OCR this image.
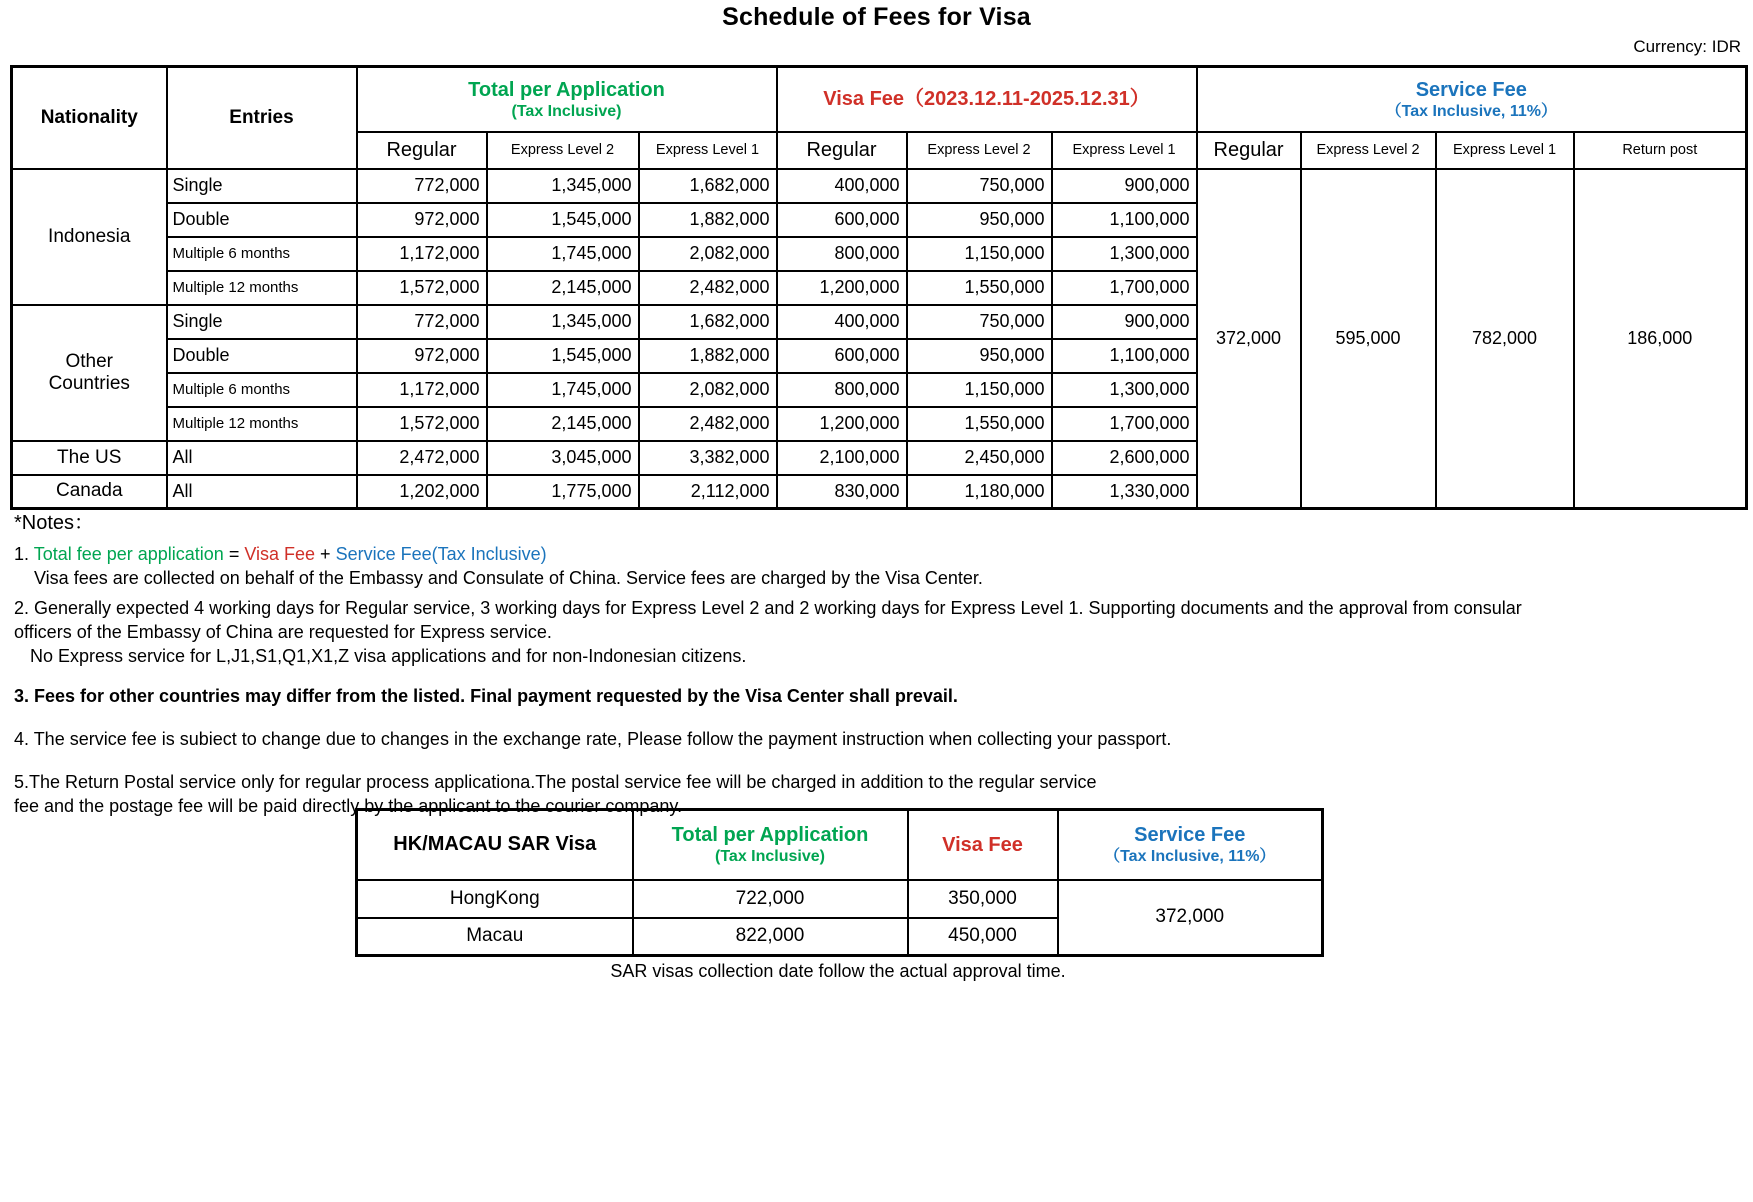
Schedule of Fees for Visa
Currency: IDR
Nationality	Entries	
Total per Application
(Tax Inclusive)

Visa Fee（2023.12.11-2025.12.31）	Service Fee
（Tax Inclusive, 11%）

		Regular	Express Level 2	Express Level 1	Regular	Express Level 2	Express Level 1	Regular	Express Level 2	Express Level 1	Return post
Indonesia	Single	772,000	1,345,000	1,682,000	400,000	750,000	900,000	372,000	595,000	782,000	186,000
	Double	972,000	1,545,000	1,882,000	600,000	950,000	1,100,000				
	Multiple 6 months	1,172,000	1,745,000	2,082,000	800,000	1,150,000	1,300,000				
	Multiple 12 months	1,572,000	2,145,000	2,482,000	1,200,000	1,550,000	1,700,000				
Other Countries	Single	772,000	1,345,000	1,682,000	400,000	750,000	900,000				
	Double	972,000	1,545,000	1,882,000	600,000	950,000	1,100,000				
	Multiple 6 months	1,172,000	1,745,000	2,082,000	800,000	1,150,000	1,300,000				
	Multiple 12 months	1,572,000	2,145,000	2,482,000	1,200,000	1,550,000	1,700,000				
The US	All	2,472,000	3,045,000	3,382,000	2,100,000	2,450,000	2,600,000				
Canada	All	1,202,000	1,775,000	2,112,000	830,000	1,180,000	1,330,000				
*Notes：

1. Total fee per application = Visa Fee + Service Fee(Tax Inclusive)

Visa fees are collected on behalf of the Embassy and Consulate of China. Service fees are charged by the Visa Center.

2. Generally expected 4 working days for Regular service, 3 working days for Express Level 2 and 2 working days for Express Level 1. Supporting documents and the approval from consular

officers of the Embassy of China are requested for Express service.

No Express service for L,J1,S1,Q1,X1,Z visa applications and for non-Indonesian citizens.

3. Fees for other countries may differ from the listed. Final payment requested by the Visa Center shall prevail.

4. The service fee is subiect to change due to changes in the exchange rate, Please follow the payment instruction when collecting your passport.

5.The Return Postal service only for regular process applicationa.The postal service fee will be charged in addition to the regular service

fee and the postage fee will be paid directly by the applicant to the courier company.

HK/MACAU SAR Visa	Total per Application
(Tax Inclusive)

Visa Fee	Service Fee
（Tax Inclusive, 11%）

HongKong	722,000	350,000	372,000
Macau	822,000	450,000	
SAR visas collection date follow the actual approval time.
